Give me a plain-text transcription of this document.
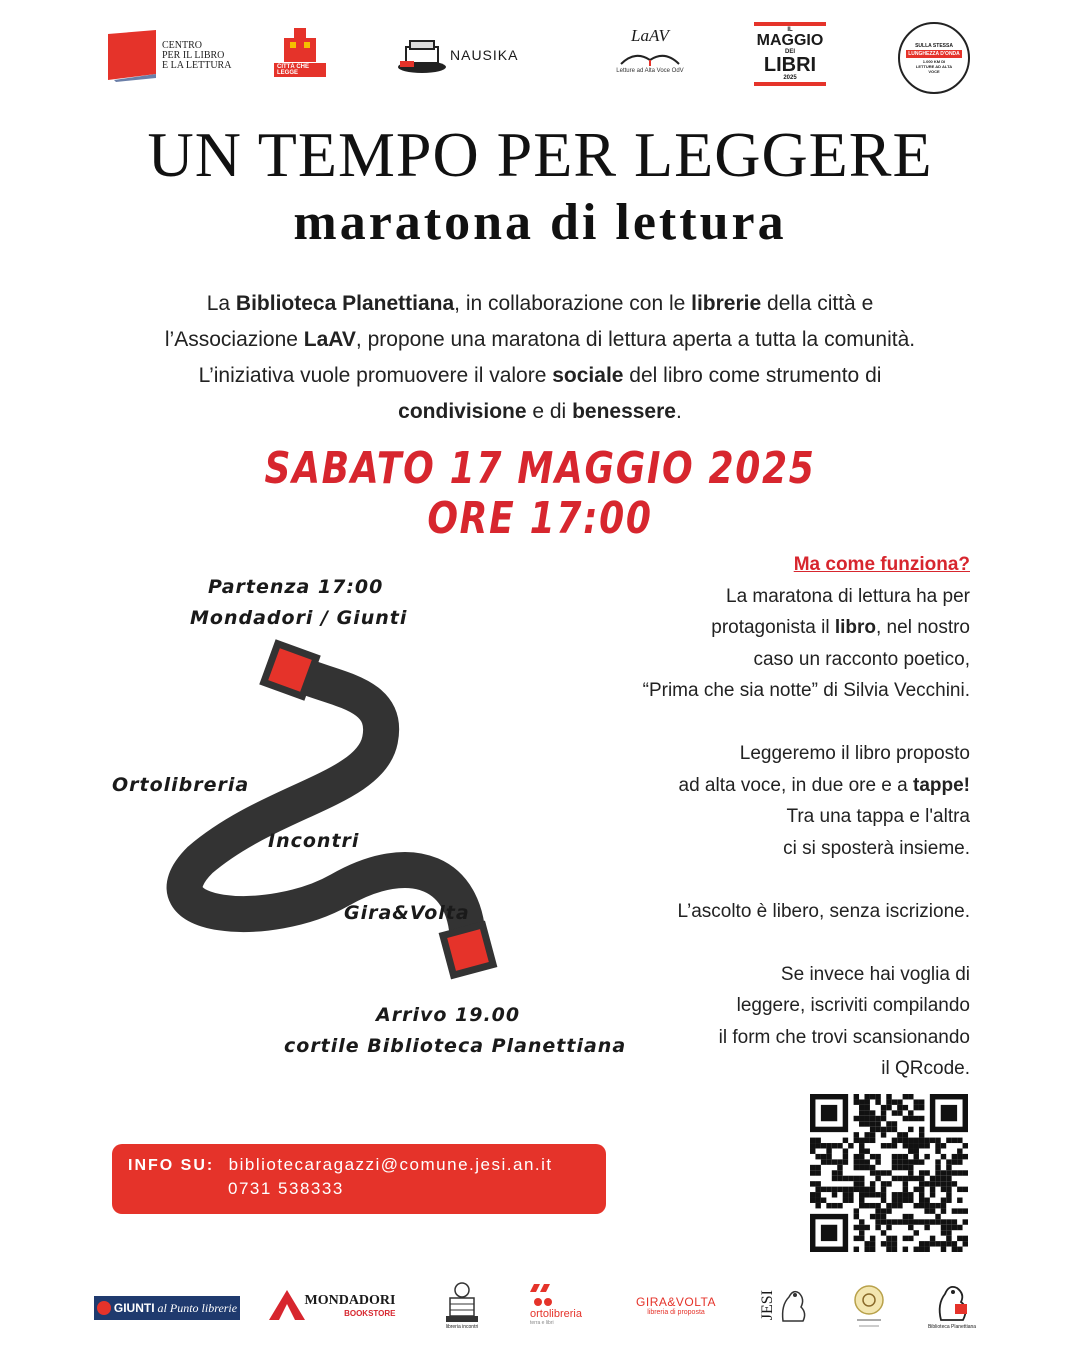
CENTRO
PER IL LIBRO
E LA LETTURA	CITTÀ CHE LEGGE
NAUSIKA
LaAV
Letture ad Alta Voce OdV
IL
MAGGIO
DEI
LIBRI
2025
SULLA STESSA
LUNGHEZZA D'ONDA
1.000 KM DI LETTURE AD ALTA VOCE
UN TEMPO PER LEGGERE
maratona di lettura
La Biblioteca Planettiana, in collaborazione con le librerie della città e
l’Associazione LaAV, propone una maratona di lettura aperta a tutta la comunità.
L’iniziativa vuole promuovere il valore sociale del libro come strumento di
condivisione e di benessere.
SABATO 17 MAGGIO 2025
ORE 17:00
Partenza 17:00
Mondadori / Giunti
Ortolibreria
Incontri
Gira&Volta
Arrivo 19.00
cortile Biblioteca Planettiana
Ma come funziona?
La maratona di lettura ha per
protagonista il libro, nel nostro
caso un racconto poetico,
“Prima che sia notte” di Silvia Vecchini.
Leggeremo il libro proposto
ad alta voce, in due ore e a tappe!
Tra una tappa e l'altra
ci si sposterà insieme.
L’ascolto è libero, senza iscrizione.
Se invece hai voglia di
leggere, iscriviti compilando
il form che trovi scansionando
il QRcode.
INFO SU: bibliotecaragazzi@comune.jesi.an.it
0731 538333
GIUNTI al Punto librerie	MONDADORI
BOOKSTORE
libreria incontri
ortolibreria
terra e libri
GIRA&VOLTA
libreria di proposta	JESI
Biblioteca Planettiana
